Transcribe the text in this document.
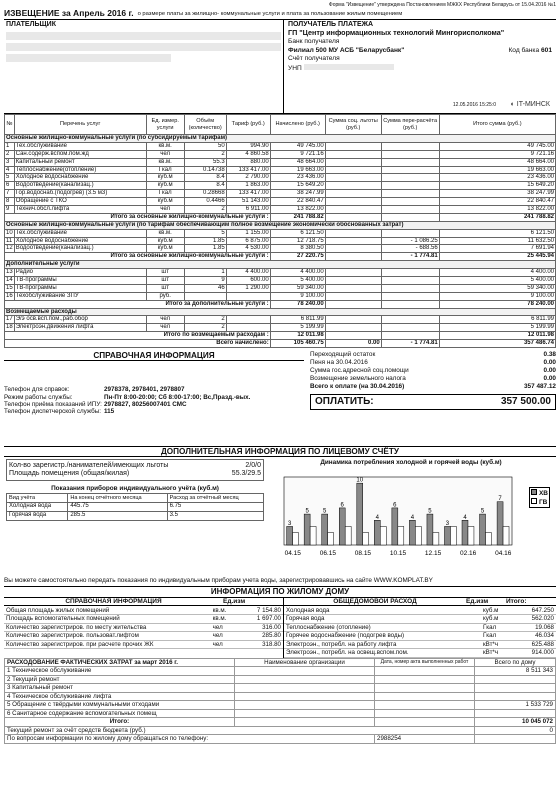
Форма "Извещение" утверждена Постановлением МЖКХ Республики Беларусь от 15.04.2016 №1
ИЗВЕЩЕНИЕ за Апрель 2016 г. о размере платы за жилищно- коммунальные услуги и плата за пользование жилым помещением
ПЛАТЕЛЬЩИК	ПОЛУЧАТЕЛЬ ПЛАТЕЖА
ГП "Центр информационных технологий Мингорисполкома"
Банк получателя
Филиал 500 МУ АСБ "Беларусбанк"	Код банка 601
Счёт получателя
УНП
12.05.2016 15:25:0 ◐ IT-МИНСК
№	Перечень услуг	Ед. измер. услуги	Объём (количество)	Тариф (руб.)	Начислено (руб.)	Сумма соц. льготы (руб.)	Сумма пере-расчёта (руб.)	Итого сумма (руб.)
Основные жилищно-коммунальные услуги (по субсидируемым тарифам)								
1	Тех.обслуживание	кв.м.	50	994.90	49 745.00			49 745.00
2	Сан.содерж.вспом.пом.жд	чел	2	4 860.58	9 721.16			9 721.16
3	Капитальный ремонт	кв.м.	55.3	880.00	48 664.00			48 664.00
4	Теплоснабжение(отопление)	Гкал	0.14738	133 417.00	19 663.00			19 663.00
5	Холодное водоснабжение	куб.м	8.4	2 790.00	23 436.00			23 436.00
6	Водоотведение(канализац.)	куб.м	8.4	1 863.00	15 649.20			15 649.20
7	Гор.водоснаб.(подогрев) (3.5 м3)	Гкал	0.28668	133 417.00	38 247.99			38 247.99
8	Обращение с ТКО	куб.м	0.4466	51 143.00	22 840.47			22 840.47
9	Технич.обсл.лифта	чел	2	6 911.00	13 822.00			13 822.00
Итого за основные жилищно-коммунальные услуги :					241 788.82			241 788.82
Основные жилищно-коммунальные услуги (по тарифам обеспечивающим полное возмещение экономически обоснованных затрат)								
10	Тех.обслуживание	кв.м.	5	1 155.00	6 121.50			6 121.50
11	Холодное водоснабжение	куб.м	1.85	6 875.00	12 718.75		- 1 086.25	11 632.50
12	Водоотведение(канализац.)	куб.м	1.85	4 530.00	8 380.50		- 688.56	7 691.94
Итого за основные жилищно-коммунальные услуги :					27 220.75		- 1 774.81	25 445.94
Дополнительные услуги								
13	Радио	шт	1	4 400.00	4 400.00			4 400.00
14	ТВ-программы	шт	9	600.00	5 400.00			5 400.00
15	ТВ-программы	шт	46	1 290.00	59 340.00			59 340.00
16	Техобслуживание ЗПУ	руб.			9 100.00			9 100.00
Итого за дополнительные услуги :					78 240.00			78 240.00
Возмещаемые расходы								
17	Э/э осв.всп.пом.,раб.обор	чел	2		6 811.99			6 811.99
18	Электроэн.движения лифта	чел	2		5 199.99			5 199.99
Итого по возмещаемым расходам :					12 011.98			12 011.98
Всего начислено:					105 460.75	0.00	- 1 774.81	357 486.74
СПРАВОЧНАЯ ИНФОРМАЦИЯ
Телефон для справок:	2978378, 2978401, 2978807
Режим работы службы:	Пн-Пт 8:00-20:00; Сб 8:00-17:00; Вс,Празд.-вых.
Телефон приёма показаний ИПУ: 2978827, 80256007401 СМС
Телефон диспетчерской службы: 115
Переходящий остаток	0.38
Пеня на 30.04.2016	0.00
Сумма гос.адресной соц.помощи	0.00
Возмещение земельного налога	0.00
Всего к оплате (на 30.04.2016)	357 487.12
ОПЛАТИТЬ:	357 500.00
ДОПОЛНИТЕЛЬНАЯ ИНФОРМАЦИЯ ПО ЛИЦЕВОМУ СЧЁТУ
Кол-во зарегистр./нанимателей/имеющих льготы	2/0/0
Площадь помещения (общая/жилая)	55.3/29.5
Показания приборов индивидуального учёта (куб.м)
Вид учёта	На конец отчётного месяца	Расход за отчётный месяц
Холодная вода	445.75	6.75
Горячая вода	285.5	3.5
Динамика потребления холодной и горячей воды (куб.м)
3
5 5
6
10
4
6
4
5
3
4
5
7
04.15	06.15	08.15	10.15	12.15	02.16	04.16
ХВ
ГВ
Вы можете самостоятельно передать показания по индивидуальным приборам учета воды, зарегистрировавшись на сайте WWW.KOMPLAT.BY
ИНФОРМАЦИЯ ПО ЖИЛОМУ ДОМУ
СПРАВОЧНАЯ ИНФОРМАЦИЯ	Ед.изм
Общая площадь жилых помещений	кв.м.	7 154.80
Площадь вспомогательных помещений	кв.м.	1 697.00
Количество зарегистриров. по месту жительства	чел	316.00
Количество зарегистриров. пользоват.лифтом	чел	285.80
Количество зарегистриров. при расчете прочих ЖК	чел	318.80
ОБЩЕДОМОВОЙ РАСХОД	Ед.изм	Итого:
Холодная вода	куб.м	647.250
Горячая вода	куб.м	562.020
Теплоснабжение (отопление)	Гкал	19.068
Горячее водоснабжение (подогрев воды)	Гкал	46.034
Электроэн., потребл. на работу лифта	кВт*ч	625.488
Электроэн., потребл. на освещ.вспом.пом.	кВт*ч	914.000
РАСХОДОВАНИЕ ФАКТИЧЕСКИХ ЗАТРАТ за март 2016 г.	Наименование организации	Дата, номер акта выполненных работ	Всего по дому
1 Техническое обслуживание			8 511 343
2 Текущий ремонт			
3 Капитальный ремонт			
4 Техническое обслуживание лифта			
5 Обращение с твёрдыми коммунальными отходами			1 533 729
6 Санитарное содержание вспомогательных помещ			
Итого:			10 045 072
Текущий ремонт за счёт средств бюджета (руб.)			0
По вопросам информации по жилому дому обращаться по телефону:		2988254	
